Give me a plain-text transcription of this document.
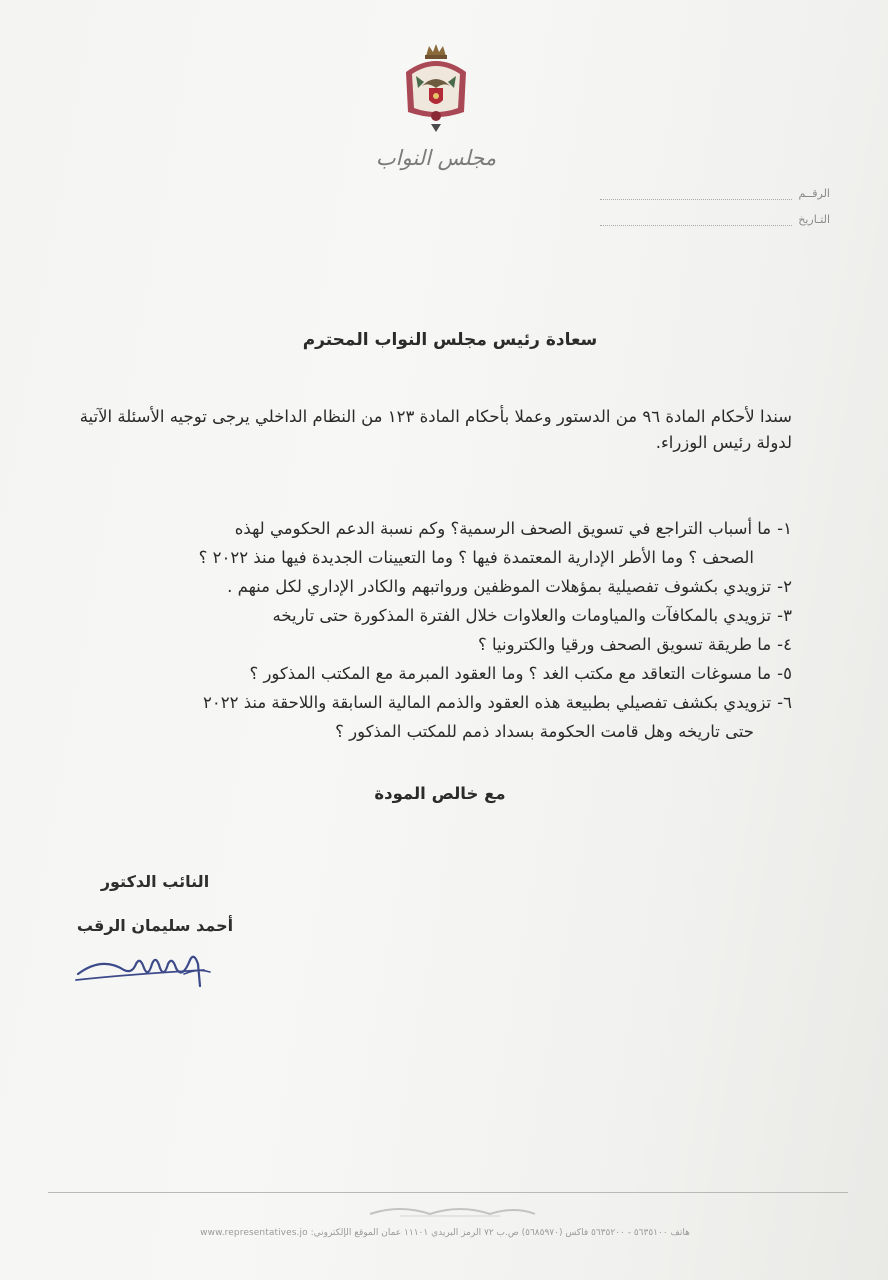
مجلس النواب
الرقــم
التـاريخ
سعادة رئيس مجلس النواب المحترم
سندا لأحكام المادة ٩٦ من الدستور وعملا بأحكام المادة ١٢٣ من النظام الداخلي يرجى توجيه الأسئلة الآتية لدولة رئيس الوزراء.
١-ما أسباب التراجع في تسويق الصحف الرسمية؟ وكم نسبة الدعم الحكومي لهذه
الصحف ؟ وما الأطر الإدارية المعتمدة فيها ؟ وما التعيينات الجديدة فيها منذ ٢٠٢٢ ؟
٢-تزويدي بكشوف تفصيلية بمؤهلات الموظفين ورواتبهم والكادر الإداري لكل منهم .
٣-تزويدي بالمكافآت والمياومات والعلاوات خلال الفترة المذكورة حتى تاريخه
٤-ما طريقة تسويق الصحف ورقيا والكترونيا ؟
٥-ما مسوغات التعاقد مع مكتب الغد ؟ وما العقود المبرمة مع المكتب المذكور ؟
٦-تزويدي بكشف تفصيلي بطبيعة هذه العقود والذمم المالية السابقة واللاحقة منذ ٢٠٢٢
حتى تاريخه وهل قامت الحكومة بسداد ذمم للمكتب المذكور ؟
مع خالص المودة
النائب الدكتور
أحمد سليمان الرقب
هاتف ٥٦٣٥١٠٠ - ٥٦٣٥٢٠٠ فاكس (٥٦٨٥٩٧٠) ص.ب ٧٢ الرمز البريدي ١١١٠١ عمان الموقع الإلكتروني: www.representatives.jo
